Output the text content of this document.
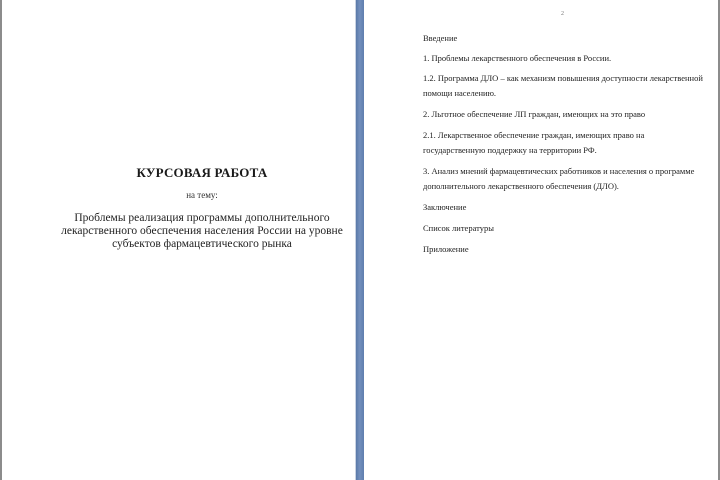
КУРСОВАЯ РАБОТА
на тему:
Проблемы реализация программы дополнительного
лекарственного обеспечения населения России на уровне
субъектов фармацевтического рынка
2

Введение

1. Проблемы лекарственного обеспечения в России.

1.2. Программа ДЛО – как механизм повышения доступности лекарственной
помощи населению.

2. Льготное обеспечение ЛП граждан, имеющих на это право

2.1. Лекарственное обеспечение граждан, имеющих право на
государственную поддержку на территории РФ.
3. Анализ мнений фармацевтических работников и населения о программе
дополнительного лекарственного обеспечения (ДЛО).

Заключение

Список литературы

Приложение
